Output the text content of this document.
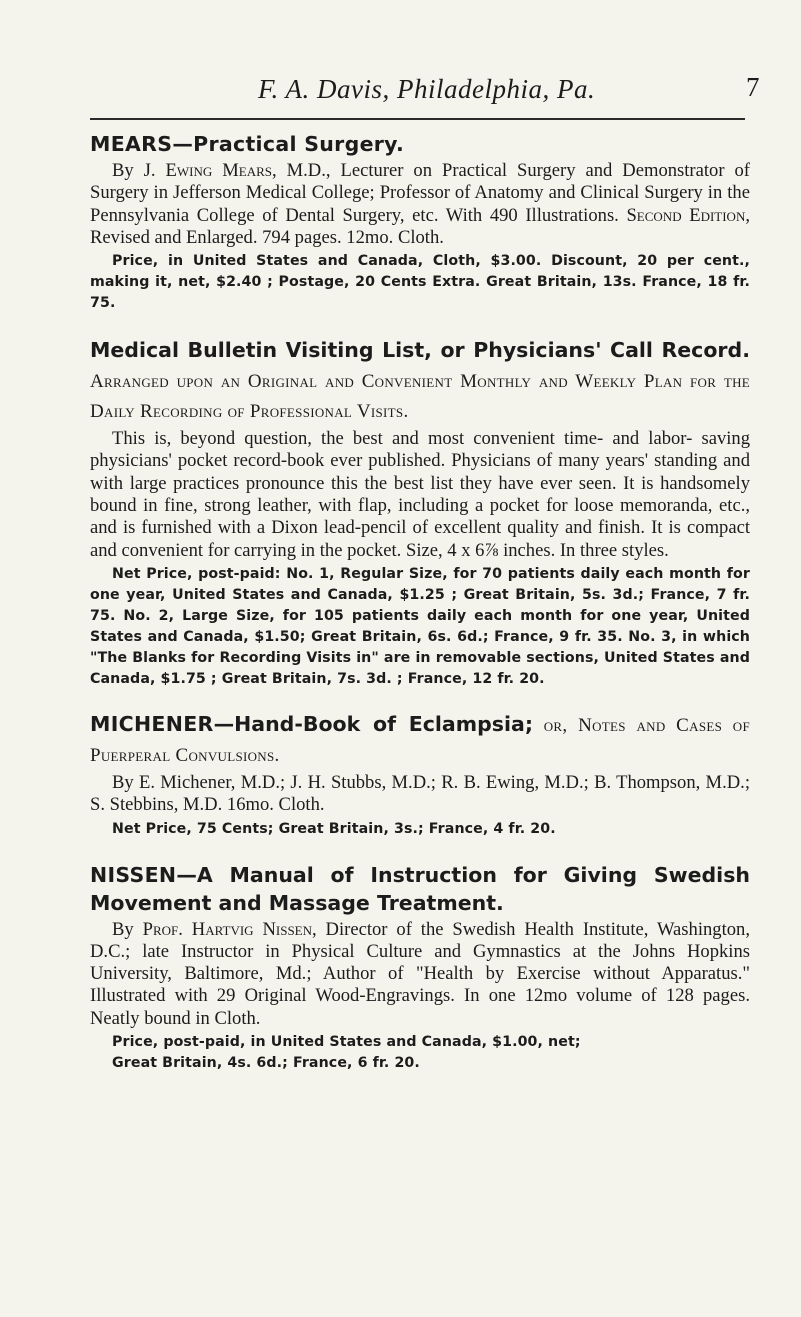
F. A. Davis, Philadelphia, Pa.	7

MEARS—Practical Surgery.

By J. Ewing Mears, M.D., Lecturer on Practical Surgery and Demonstrator of Surgery in Jefferson Medical College; Professor of Anatomy and Clinical Surgery in the Pennsylvania College of Dental Surgery, etc. With 490 Illustrations. Second Edition, Revised and Enlarged. 794 pages. 12mo. Cloth.

Price, in United States and Canada, Cloth, $3.00. Discount, 20 per cent., making it, net, $2.40 ; Postage, 20 Cents Extra. Great Britain, 13s. France, 18 fr. 75.

Medical Bulletin Visiting List, or Physicians' Call Record. Arranged upon an Original and Convenient Monthly and Weekly Plan for the Daily Recording of Professional Visits.

This is, beyond question, the best and most convenient time- and labor- saving physicians' pocket record-book ever published. Physicians of many years' standing and with large practices pronounce this the best list they have ever seen. It is handsomely bound in fine, strong leather, with flap, including a pocket for loose memoranda, etc., and is furnished with a Dixon lead-pencil of excellent quality and finish. It is compact and convenient for carrying in the pocket. Size, 4 x 6⅞ inches. In three styles.

Net Price, post-paid: No. 1, Regular Size, for 70 patients daily each month for one year, United States and Canada, $1.25 ; Great Britain, 5s. 3d.; France, 7 fr. 75. No. 2, Large Size, for 105 patients daily each month for one year, United States and Canada, $1.50; Great Britain, 6s. 6d.; France, 9 fr. 35. No. 3, in which "The Blanks for Recording Visits in" are in removable sections, United States and Canada, $1.75 ; Great Britain, 7s. 3d. ; France, 12 fr. 20.

MICHENER—Hand-Book of Eclampsia; or, Notes and Cases of Puerperal Convulsions.

By E. Michener, M.D.; J. H. Stubbs, M.D.; R. B. Ewing, M.D.; B. Thompson, M.D.; S. Stebbins, M.D. 16mo. Cloth.

Net Price, 75 Cents; Great Britain, 3s.; France, 4 fr. 20.

NISSEN—A Manual of Instruction for Giving Swedish Movement and Massage Treatment.

By Prof. Hartvig Nissen, Director of the Swedish Health Institute, Washington, D.C.; late Instructor in Physical Culture and Gymnastics at the Johns Hopkins University, Baltimore, Md.; Author of "Health by Exercise without Apparatus." Illustrated with 29 Original Wood-Engravings. In one 12mo volume of 128 pages. Neatly bound in Cloth.

Price, post-paid, in United States and Canada, $1.00, net;
Great Britain, 4s. 6d.; France, 6 fr. 20.
